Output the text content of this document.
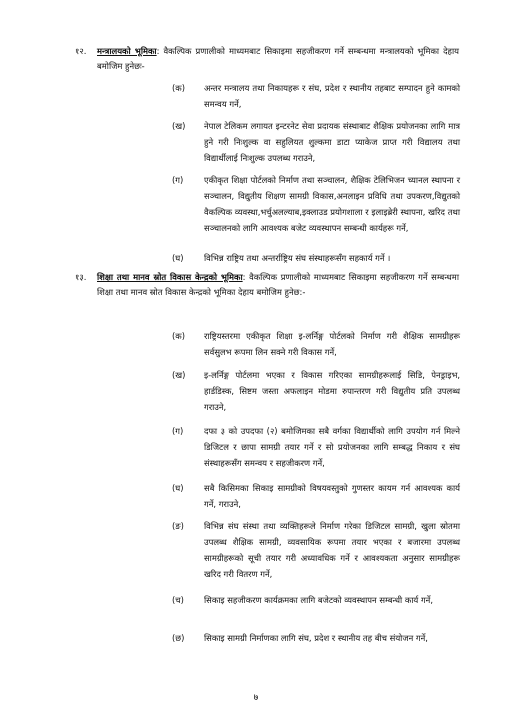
१२. मन्त्रालयको भूमिका: वैकल्पिक प्रणालीको माध्यमबाट सिकाइमा सहजीकरण गर्ने सम्बन्धमा मन्त्रालयको भूमिका देहाय बमोजिम हुनेछः-
(क) अन्तर मन्त्रालय तथा निकायहरू र संघ, प्रदेश र स्थानीय तहबाट सम्पादन हुने कामको समन्वय गर्ने,
(ख) नेपाल टेलिकम लगायत इन्टरनेट सेवा प्रदायक संस्थाबाट शैक्षिक प्रयोजनका लागि मात्र हुने गरी निःशुल्क वा सहुलियत शुल्कमा डाटा प्याकेज प्राप्त गरी विद्यालय तथा विद्यार्थीलाई निःशुल्क उपलब्ध गराउने,
(ग) एकीकृत शिक्षा पोर्टलको निर्माण तथा सञ्चालन, शैक्षिक टेलिभिजन च्यानल स्थापना र सञ्चालन, विद्युतीय शिक्षण सामग्री विकास,अनलाइन प्रविधि तथा उपकरण,विद्युतको वैकल्पिक व्यवस्था,भर्चुअलल्याब,इक्लाउड प्रयोगशाला र इलाइब्रेरी स्थापना, खरिद तथा सञ्चालनको लागि आवश्यक बजेट व्यवस्थापन सम्बन्धी कार्यहरू गर्ने,
(घ) विभिन्न राष्ट्रिय तथा अन्तर्राष्ट्रिय संघ संस्थाहरूसँग सहकार्य गर्ने ।
१३. शिक्षा तथा मानव स्रोत विकास केन्द्रको भूमिका: वैकल्पिक प्रणालीको माध्यमबाट सिकाइमा सहजीकरण गर्ने सम्बन्धमा शिक्षा तथा मानव स्रोत विकास केन्द्रको भूमिका देहाय बमोजिम हुनेछ:-
(क) राष्ट्रियस्तरमा एकीकृत शिक्षा इ-लर्निङ्ग पोर्टलको निर्माण गरी शैक्षिक सामग्रीहरू सर्वसुलभ रूपमा लिन सक्ने गरी विकास गर्ने,
(ख) इ-लर्निङ्ग पोर्टलमा भएका र विकास गरिएका सामग्रीहरूलाई सिडि, पेनड्राइभ, हार्डडिस्क, सिष्टम जस्ता अफलाइन मोडमा रुपान्तरण गरी विद्युतीय प्रति उपलब्ध गराउने,
(ग) दफा ३ को उपदफा (२) बमोजिमका सबै वर्गका विद्यार्थीको लागि उपयोग गर्न मिल्ने डिजिटल र छापा सामग्री तयार गर्ने र सो प्रयोजनका लागि सम्बद्ध निकाय र संघ संस्थाहरूसँग समन्वय र सहजीकरण गर्ने,
(घ) सबै किसिमका सिकाइ सामग्रीको विषयवस्तुको गुणस्तर कायम गर्न आवश्यक कार्य गर्ने, गराउने,
(ङ) विभिन्न संघ संस्था तथा व्यक्तिहरूले निर्माण गरेका डिजिटल सामग्री, खुला स्रोतमा उपलब्ध शैक्षिक सामग्री, व्यवसायिक रूपमा तयार भएका र बजारमा उपलब्ध सामग्रीहरूको सूची तयार गरी अध्यावधिक गर्ने र आवश्यकता अनुसार सामग्रीहरू खरिद गरी वितरण गर्ने,
(च) सिकाइ सहजीकरण कार्यक्रमका लागि बजेटको व्यवस्थापन सम्बन्धी कार्य गर्ने,
(छ) सिकाइ सामग्री निर्माणका लागि संघ, प्रदेश र स्थानीय तह बीच संयोजन गर्ने,
७
